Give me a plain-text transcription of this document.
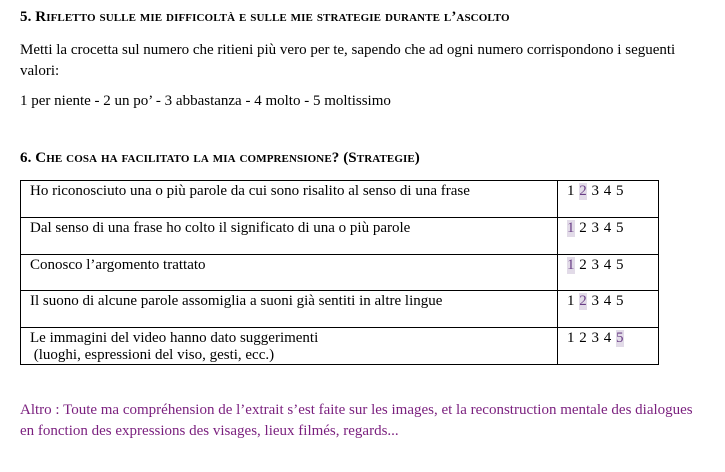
5. Rifletto sulle mie difficoltà e sulle mie strategie durante l’ascolto
Metti la crocetta sul numero che ritieni più vero per te, sapendo che ad ogni numero corrispondono i seguenti valori:
1 per niente - 2 un po’ - 3 abbastanza - 4 molto - 5 moltissimo
6. Che cosa ha facilitato la mia comprensione? (Strategie)
Ho riconosciuto una o più parole da cui sono risalito al senso di una frase	1 2 3 4 5

Dal senso di una frase ho colto il significato di una o più parole	1 2 3 4 5

Conosco l’argomento trattato	1 2 3 4 5

Il suono di alcune parole assomiglia a suoni già sentiti in altre lingue	1 2 3 4 5

Le immagini del video hanno dato suggerimenti
(luoghi, espressioni del viso, gesti, ecc.)	1 2 3 4 5
Altro : Toute ma compréhension de l’extrait s’est faite sur les images, et la reconstruction mentale des dialogues en fonction des expressions des visages, lieux filmés, regards...
